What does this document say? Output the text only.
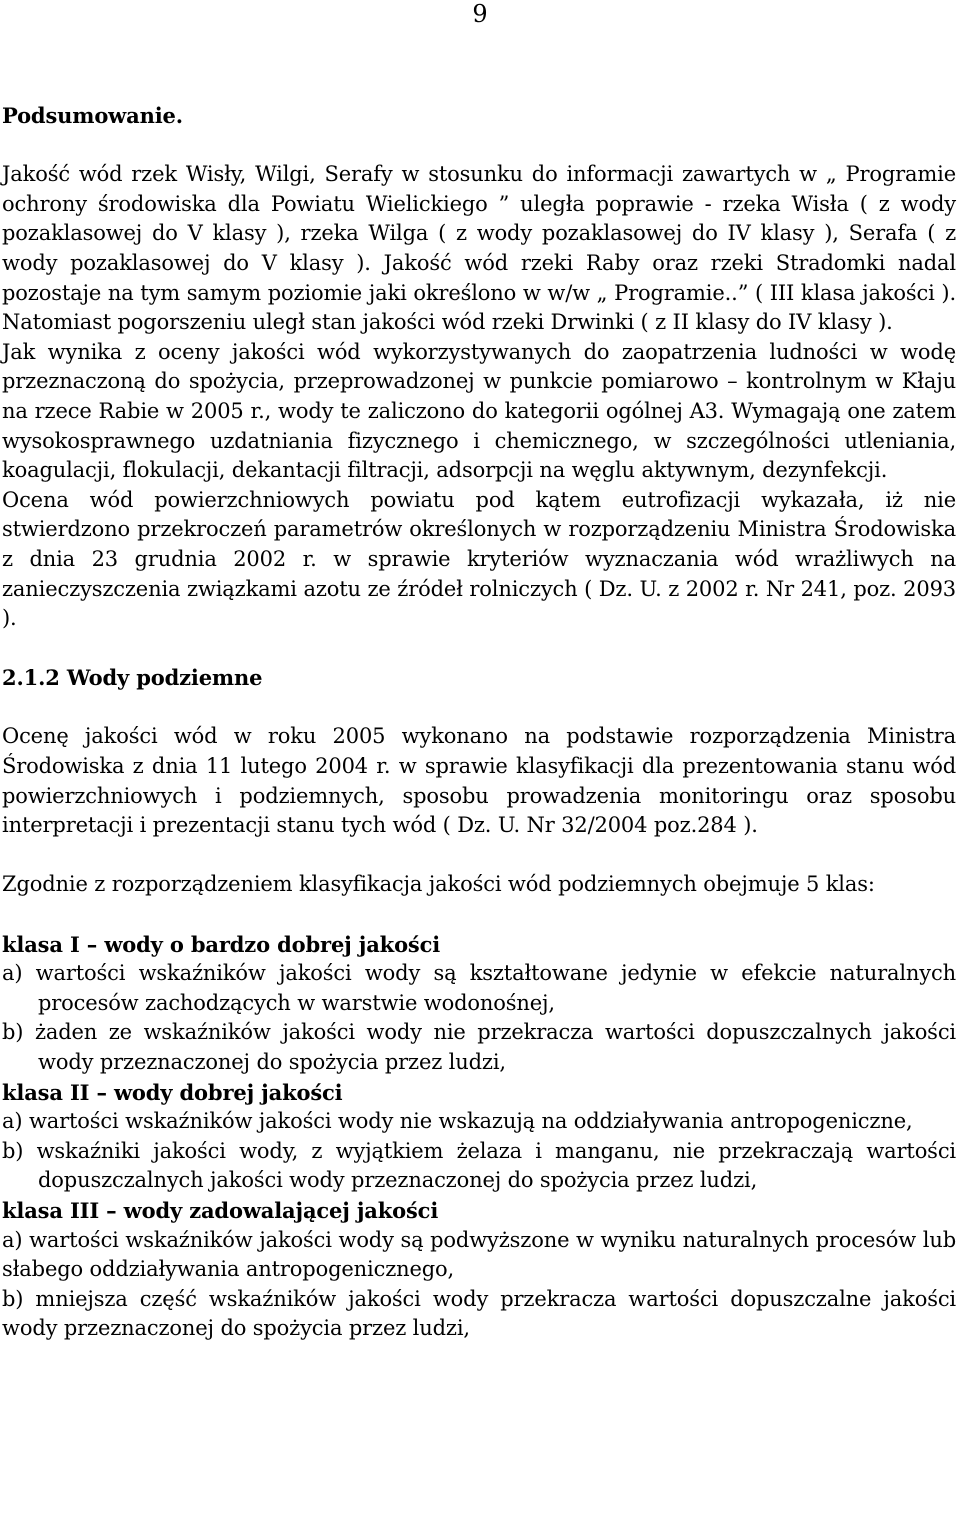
9

Podsumowanie.

Jakość wód rzek Wisły, Wilgi, Serafy w stosunku do informacji zawartych w „ Programie ochrony środowiska dla Powiatu Wielickiego ” uległa poprawie - rzeka Wisła ( z wody pozaklasowej do V klasy ), rzeka Wilga ( z wody pozaklasowej do IV klasy ), Serafa ( z wody pozaklasowej do V klasy ). Jakość wód rzeki Raby oraz rzeki Stradomki nadal pozostaje na tym samym poziomie jaki określono w w/w „ Programie..” ( III klasa jakości ). Natomiast pogorszeniu uległ stan jakości wód rzeki Drwinki ( z II klasy do IV klasy ).

Jak wynika z oceny jakości wód wykorzystywanych do zaopatrzenia ludności w wodę przeznaczoną do spożycia, przeprowadzonej w punkcie pomiarowo – kontrolnym w Kłaju na rzece Rabie w 2005 r., wody te zaliczono do kategorii ogólnej A3. Wymagają one zatem wysokosprawnego uzdatniania fizycznego i chemicznego, w szczególności utleniania, koagulacji, flokulacji, dekantacji filtracji, adsorpcji na węglu aktywnym, dezynfekcji.

Ocena wód powierzchniowych powiatu pod kątem eutrofizacji wykazała, iż nie stwierdzono przekroczeń parametrów określonych w rozporządzeniu Ministra Środowiska z dnia 23 grudnia 2002 r. w sprawie kryteriów wyznaczania wód wrażliwych na zanieczyszczenia związkami azotu ze źródeł rolniczych ( Dz. U. z 2002 r. Nr 241, poz. 2093 ).

2.1.2 Wody podziemne

Ocenę jakości wód w roku 2005 wykonano na podstawie rozporządzenia Ministra Środowiska z dnia 11 lutego 2004 r. w sprawie klasyfikacji dla prezentowania stanu wód powierzchniowych i podziemnych, sposobu prowadzenia monitoringu oraz sposobu interpretacji i prezentacji stanu tych wód ( Dz. U. Nr 32/2004 poz.284 ).

Zgodnie z rozporządzeniem klasyfikacja jakości wód podziemnych obejmuje 5 klas:

klasa I – wody o bardzo dobrej jakości

a) wartości wskaźników jakości wody są kształtowane jedynie w efekcie naturalnych procesów zachodzących w warstwie wodonośnej,

b) żaden ze wskaźników jakości wody nie przekracza wartości dopuszczalnych jakości wody przeznaczonej do spożycia przez ludzi,

klasa II – wody dobrej jakości

a) wartości wskaźników jakości wody nie wskazują na oddziaływania antropogeniczne,

b) wskaźniki jakości wody, z wyjątkiem żelaza i manganu, nie przekraczają wartości dopuszczalnych jakości wody przeznaczonej do spożycia przez ludzi,

klasa III – wody zadowalającej jakości

a) wartości wskaźników jakości wody są podwyższone w wyniku naturalnych procesów lub słabego oddziaływania antropogenicznego,

b) mniejsza część wskaźników jakości wody przekracza wartości dopuszczalne jakości wody przeznaczonej do spożycia przez ludzi,
